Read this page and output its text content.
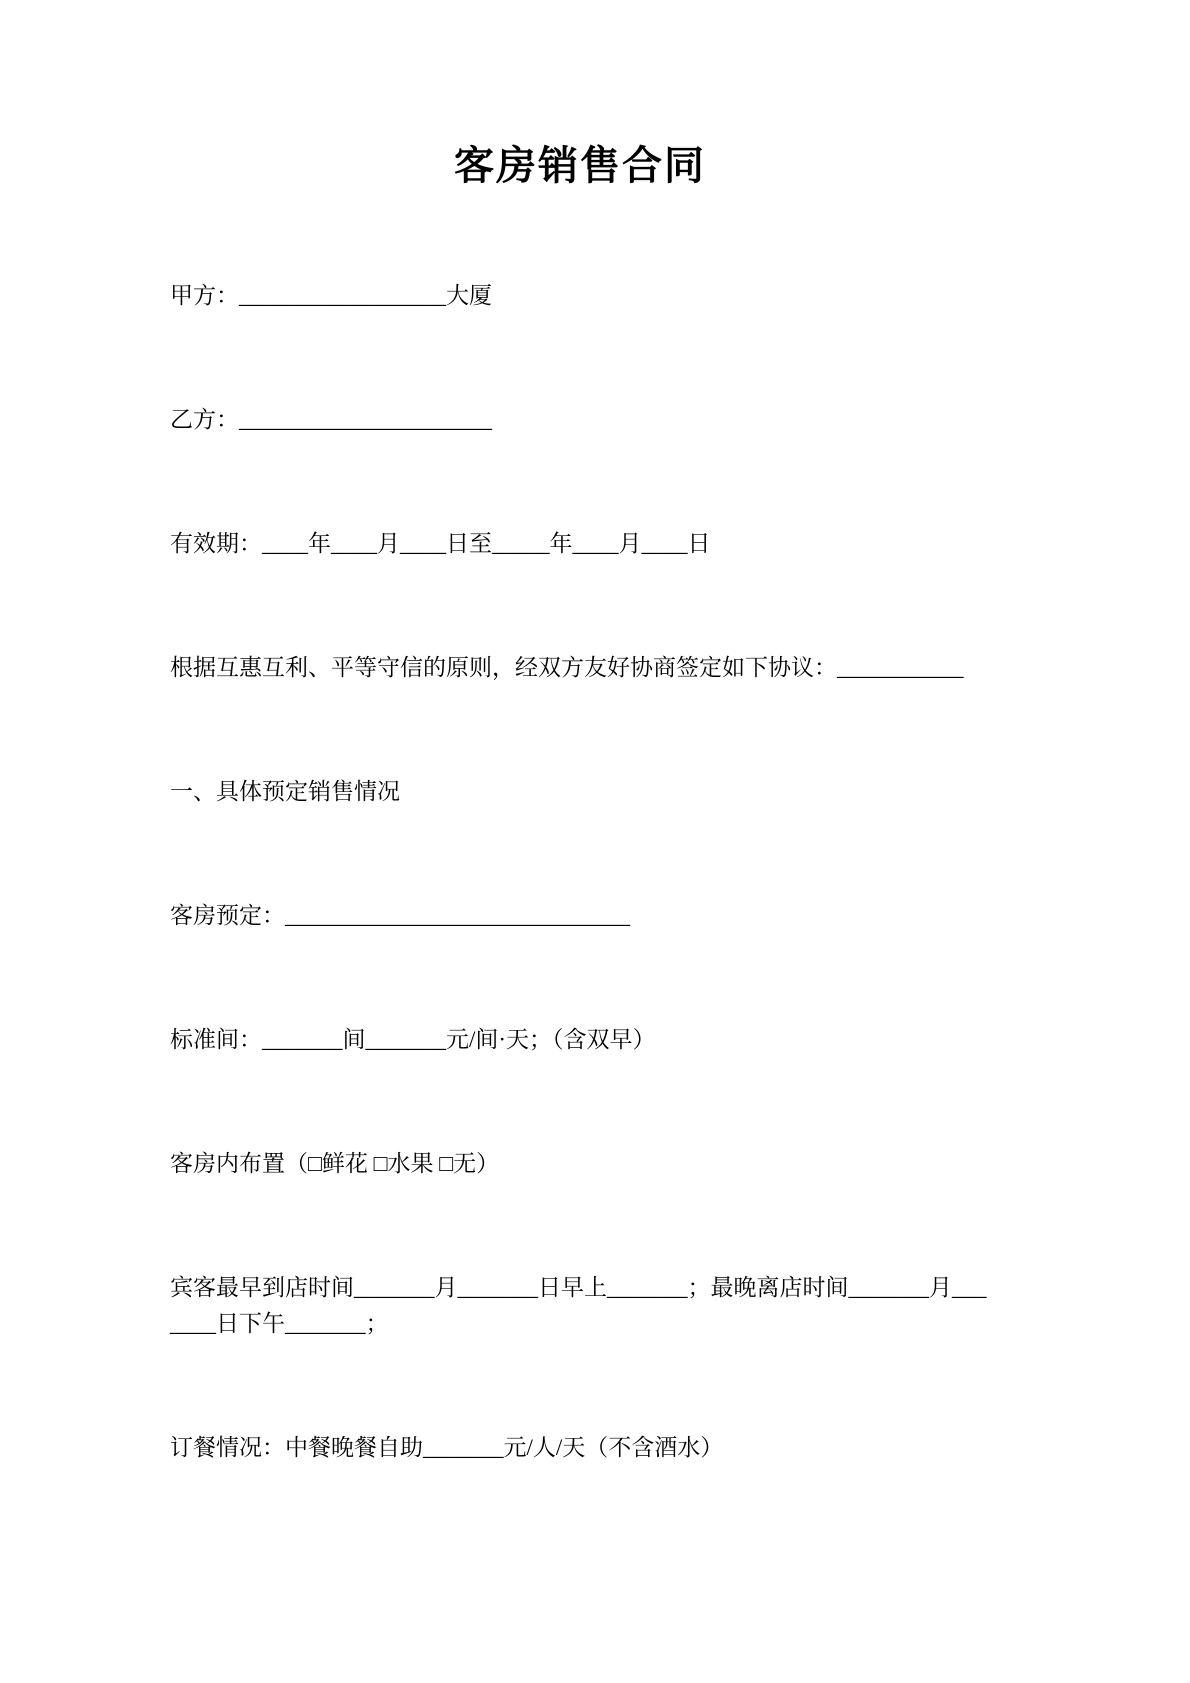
客房销售合同

甲方：__________________大厦

乙方：______________________

有效期：____年____月____日至_____年____月____日

根据互惠互利、平等守信的原则，经双方友好协商签定如下协议：___________

一、具体预定销售情况

客房预定：______________________________

标准间：_______间_______元/间·天；（含双早）

客房内布置（□鲜花 □水果 □无）

宾客最早到店时间_______月_______日早上_______；最晚离店时间_______月_______日下午_______；

订餐情况：中餐晚餐自助_______元/人/天（不含酒水）
